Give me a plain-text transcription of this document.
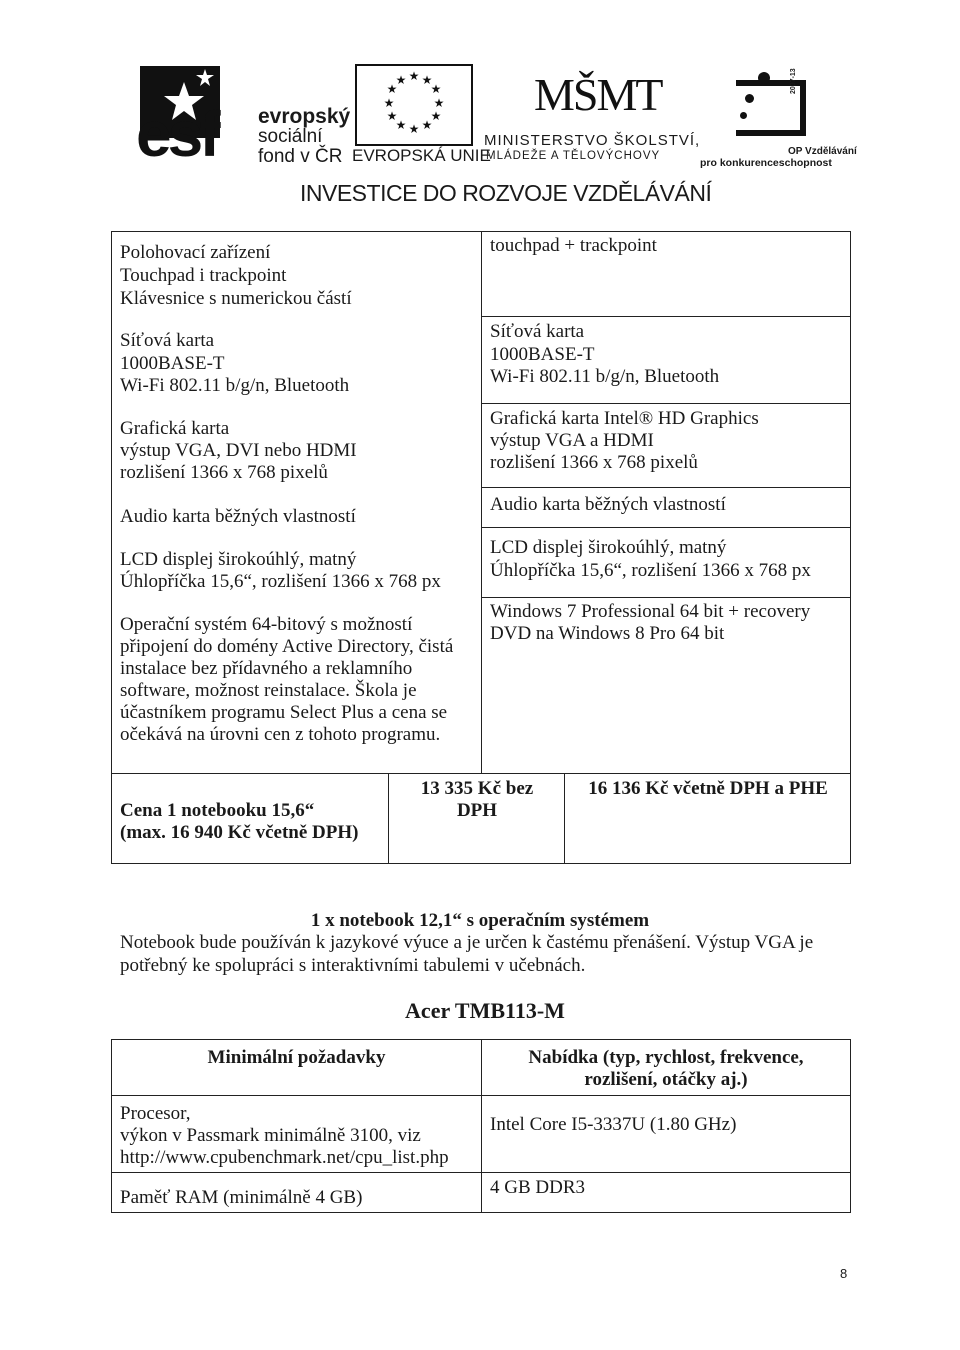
esf evropský
sociální
fond v ČR
★ ★
★
★
★
★
★
★
★
★
★
★
EVROPSKÁ UNIE
MŠMT
MINISTERSTVO ŠKOLSTVÍ,
MLÁDEŽE A TĚLOVÝCHOVY
2007-13
OP Vzdělávání
pro konkurenceschopnost
INVESTICE DO ROZVOJE VZDĚLÁVÁNÍ
Polohovací zařízení
Touchpad i trackpoint
Klávesnice s numerickou částí
Síťová karta
1000BASE-T
Wi-Fi 802.11 b/g/n, Bluetooth
Grafická karta
výstup VGA, DVI nebo HDMI
rozlišení 1366 x 768 pixelů
Audio karta běžných vlastností
LCD displej širokoúhlý, matný
Úhlopříčka 15,6“, rozlišení 1366 x 768 px
Operační systém 64-bitový s možností
připojení do domény Active Directory, čistá
instalace bez přídavného a reklamního
software, možnost reinstalace. Škola je
účastníkem programu Select Plus a cena se
očekává na úrovni cen z tohoto programu.
touchpad + trackpoint
Síťová karta
1000BASE-T
Wi-Fi 802.11 b/g/n, Bluetooth
Grafická karta Intel® HD Graphics
výstup VGA a HDMI
rozlišení 1366 x 768 pixelů
Audio karta běžných vlastností
LCD displej širokoúhlý, matný
Úhlopříčka 15,6“, rozlišení 1366 x 768 px
Windows 7 Professional 64 bit + recovery
DVD na Windows 8 Pro 64 bit
Cena 1 notebooku 15,6“
(max. 16 940 Kč včetně DPH)
13 335 Kč bez
DPH
16 136 Kč včetně DPH a PHE
1 x notebook 12,1“ s operačním systémem
Notebook bude používán k jazykové výuce a je určen k častému přenášení. Výstup VGA je
potřebný ke spolupráci s interaktivními tabulemi v učebnách.
Acer TMB113-M
Minimální požadavky	Nabídka (typ, rychlost, frekvence,
rozlišení, otáčky aj.)
Procesor,
výkon v Passmark minimálně 3100, viz
http://www.cpubenchmark.net/cpu_list.php
Intel Core I5-3337U (1.80 GHz)
Paměť RAM (minimálně 4 GB)	4 GB DDR3
8
